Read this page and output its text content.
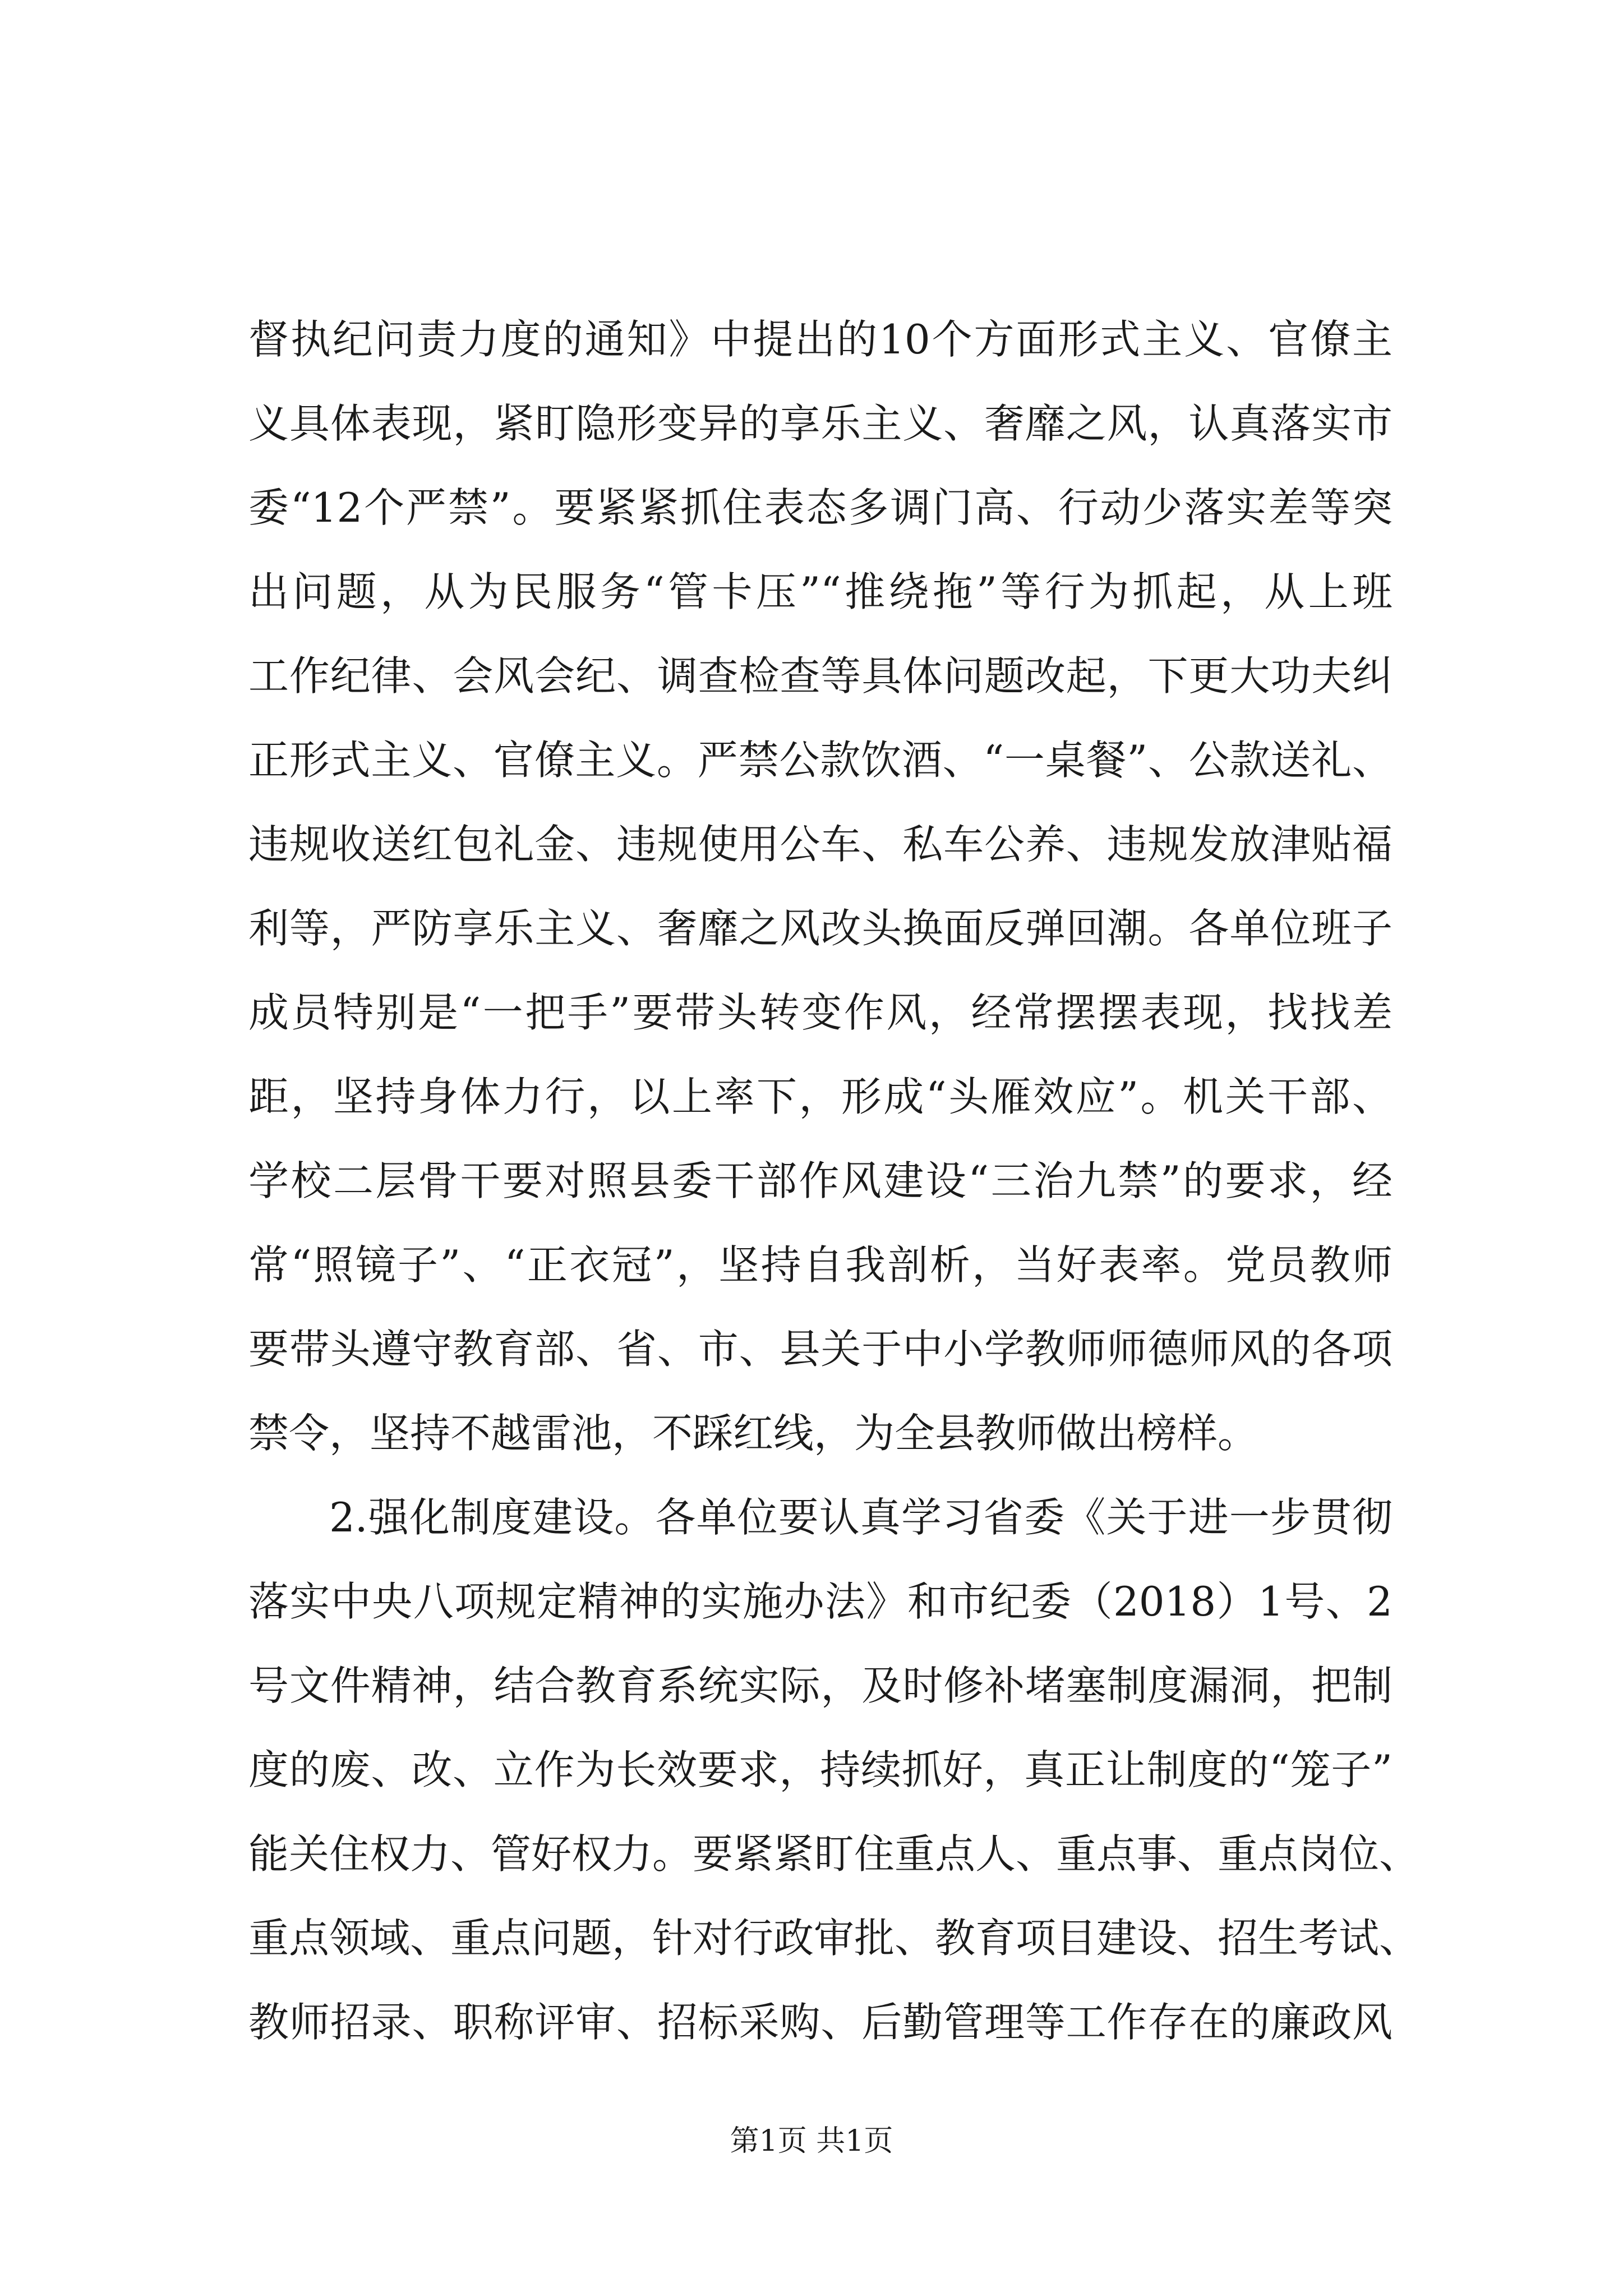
督执纪问责力度的通知》中提出的10个方面形式主义、官僚主
义具体表现，紧盯隐形变异的享乐主义、奢靡之风，认真落实市
委“12个严禁”。要紧紧抓住表态多调门高、行动少落实差等突
出问题，从为民服务“管卡压”“推绕拖”等行为抓起，从上班
工作纪律、会风会纪、调查检查等具体问题改起，下更大功夫纠
正形式主义、官僚主义。严禁公款饮酒、“一桌餐”、公款送礼、
违规收送红包礼金、违规使用公车、私车公养、违规发放津贴福
利等，严防享乐主义、奢靡之风改头换面反弹回潮。各单位班子
成员特别是“一把手”要带头转变作风，经常摆摆表现，找找差
距，坚持身体力行，以上率下，形成“头雁效应”。机关干部、
学校二层骨干要对照县委干部作风建设“三治九禁”的要求，经
常“照镜子”、“正衣冠”，坚持自我剖析，当好表率。党员教师
要带头遵守教育部、省、市、县关于中小学教师师德师风的各项
禁令，坚持不越雷池，不踩红线，为全县教师做出榜样。
2.强化制度建设。各单位要认真学习省委《关于进一步贯彻
落实中央八项规定精神的实施办法》和市纪委（2018）1号、2
号文件精神，结合教育系统实际，及时修补堵塞制度漏洞，把制
度的废、改、立作为长效要求，持续抓好，真正让制度的“笼子”
能关住权力、管好权力。要紧紧盯住重点人、重点事、重点岗位、
重点领域、重点问题，针对行政审批、教育项目建设、招生考试、
教师招录、职称评审、招标采购、后勤管理等工作存在的廉政风
第1页 共1页
